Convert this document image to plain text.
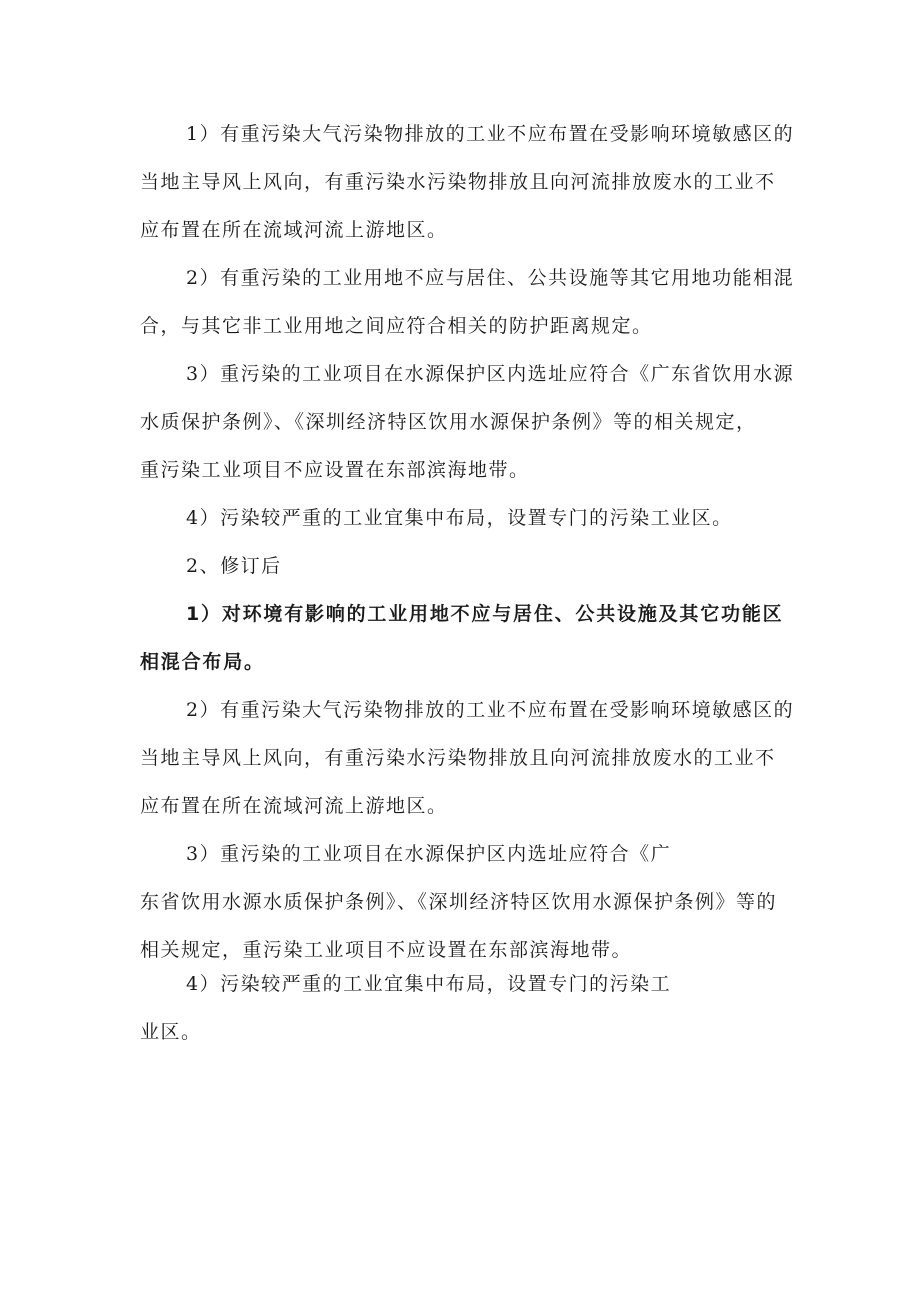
1）有重污染大气污染物排放的工业不应布置在受影响环境敏感区的
当地主导风上风向，有重污染水污染物排放且向河流排放废水的工业不
应布置在所在流域河流上游地区。
2）有重污染的工业用地不应与居住、公共设施等其它用地功能相混
合，与其它非工业用地之间应符合相关的防护距离规定。
3）重污染的工业项目在水源保护区内选址应符合《广东省饮用水源
水质保护条例》、《深圳经济特区饮用水源保护条例》等的相关规定，
重污染工业项目不应设置在东部滨海地带。
4）污染较严重的工业宜集中布局，设置专门的污染工业区。
2、修订后
1）对环境有影响的工业用地不应与居住、公共设施及其它功能区
相混合布局。
2）有重污染大气污染物排放的工业不应布置在受影响环境敏感区的
当地主导风上风向，有重污染水污染物排放且向河流排放废水的工业不
应布置在所在流域河流上游地区。
3）重污染的工业项目在水源保护区内选址应符合《广
东省饮用水源水质保护条例》、《深圳经济特区饮用水源保护条例》等的
相关规定，重污染工业项目不应设置在东部滨海地带。
4）污染较严重的工业宜集中布局，设置专门的污染工
业区。
